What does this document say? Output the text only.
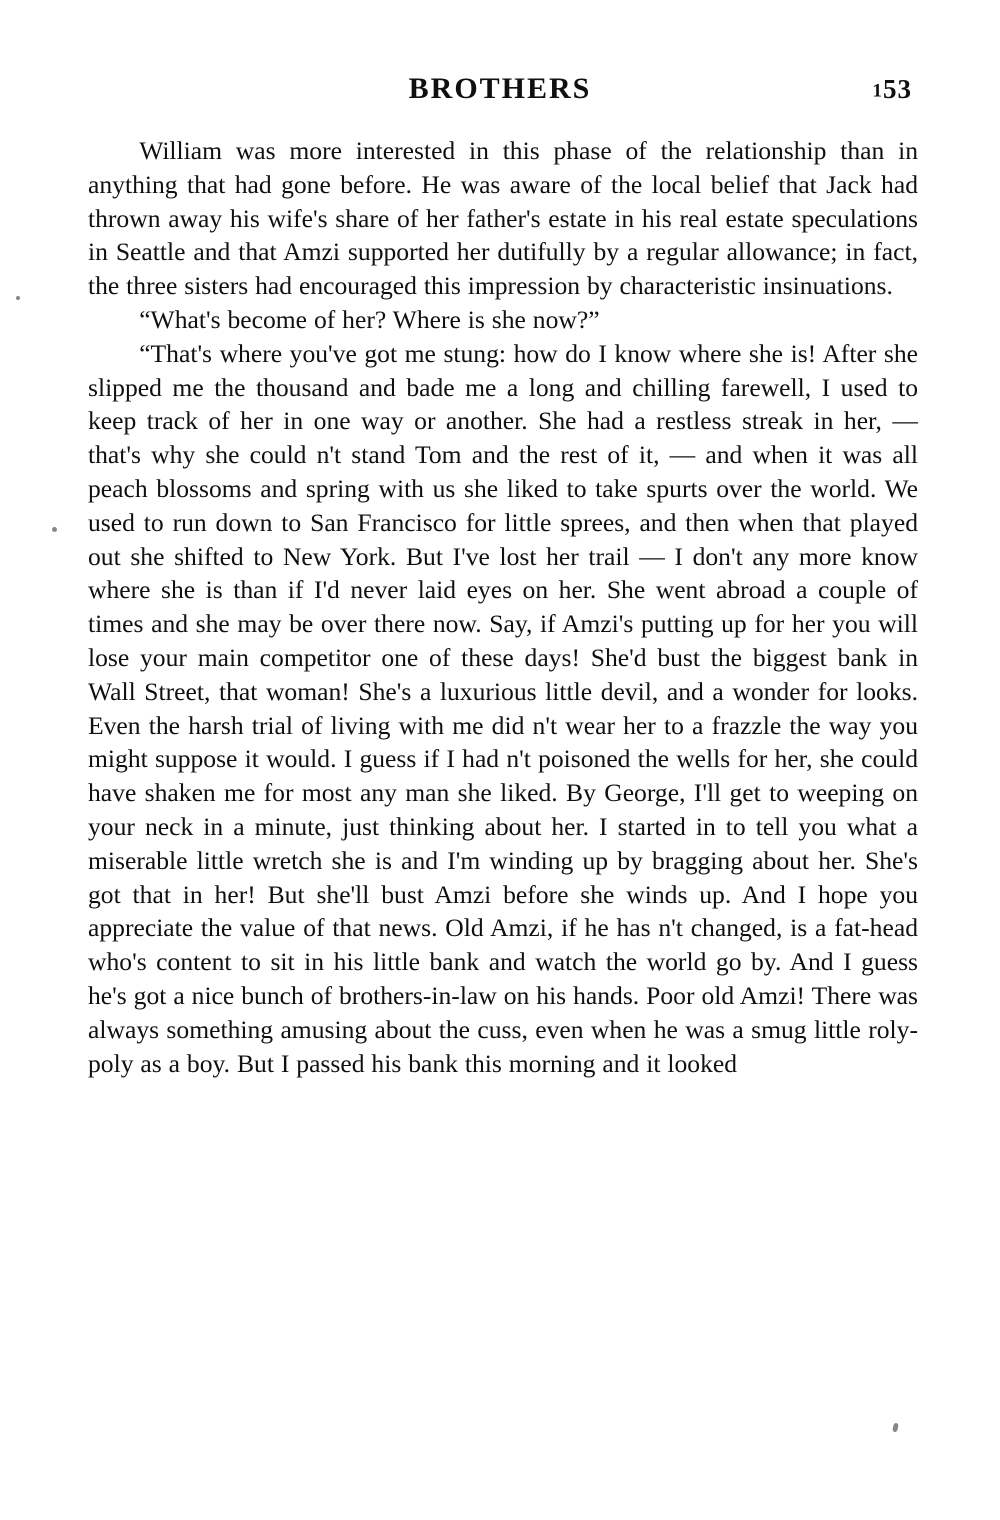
BROTHERS	153

William was more interested in this phase of the relationship than in anything that had gone before. He was aware of the local belief that Jack had thrown away his wife's share of her father's estate in his real estate speculations in Seattle and that Amzi supported her dutifully by a regular allowance; in fact, the three sisters had encouraged this impression by characteristic insinuations.

“What's become of her? Where is she now?”

“That's where you've got me stung: how do I know where she is! After she slipped me the thousand and bade me a long and chilling farewell, I used to keep track of her in one way or another. She had a restless streak in her, — that's why she could n't stand Tom and the rest of it, — and when it was all peach blossoms and spring with us she liked to take spurts over the world. We used to run down to San Francisco for little sprees, and then when that played out she shifted to New York. But I've lost her trail — I don't any more know where she is than if I'd never laid eyes on her. She went abroad a couple of times and she may be over there now. Say, if Amzi's putting up for her you will lose your main competitor one of these days! She'd bust the biggest bank in Wall Street, that woman! She's a luxurious little devil, and a wonder for looks. Even the harsh trial of living with me did n't wear her to a frazzle the way you might suppose it would. I guess if I had n't poisoned the wells for her, she could have shaken me for most any man she liked. By George, I'll get to weeping on your neck in a minute, just thinking about her. I started in to tell you what a miserable little wretch she is and I'm winding up by bragging about her. She's got that in her! But she'll bust Amzi before she winds up. And I hope you appreciate the value of that news. Old Amzi, if he has n't changed, is a fat-head who's content to sit in his little bank and watch the world go by. And I guess he's got a nice bunch of brothers-in-law on his hands. Poor old Amzi! There was always something amusing about the cuss, even when he was a smug little roly-poly as a boy. But I passed his bank this morning and it looked
